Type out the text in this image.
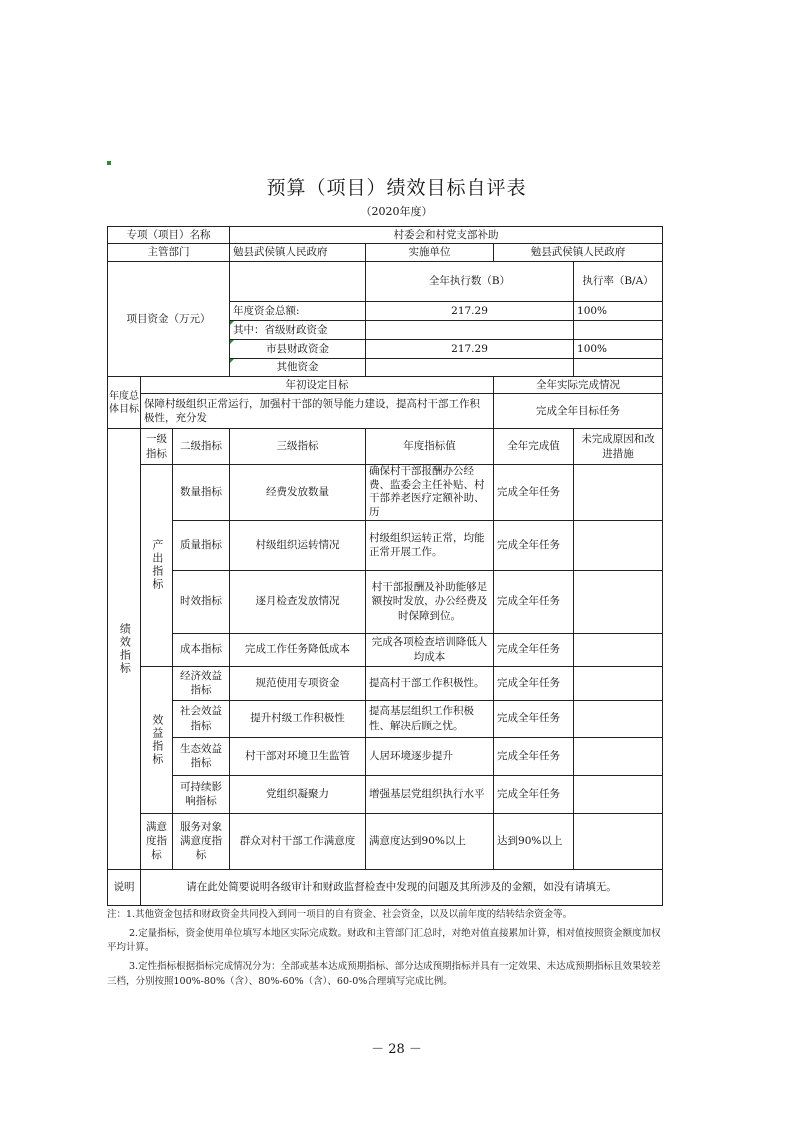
预算（项目）绩效目标自评表
（2020年度）
专项（项目）名称			村委会和村党支部补助			
主管部门			勉县武侯镇人民政府	实施单位	勉县武侯镇人民政府	
项目资金（万元）				全年执行数（B）		执行率（B/A）
			年度资金总额:	217.29		100%
			其中：省级财政资金			
			市县财政资金	217.29		100%
			其他资金			
年度总体目标	年初设定目标				全年实际完成情况	
	保障村级组织正常运行，加强村干部的领导能力建设，提高村干部工作积极性，充分发				完成全年目标任务	
绩效指标	一级指标	二级指标	三级指标	年度指标值	全年完成值	未完成原因和改进措施
	产出指标	数量指标	经费发放数量	确保村干部报酬办公经费、监委会主任补贴、村干部养老医疗定额补助、历	完成全年任务	
		质量指标	村级组织运转情况	村级组织运转正常，均能正常开展工作。	完成全年任务	
		时效指标	逐月检查发放情况	村干部报酬及补助能够足额按时发放，办公经费及时保障到位。	完成全年任务	
		成本指标	完成工作任务降低成本	完成各项检查培训降低人均成本	完成全年任务	
	效益指标	经济效益指标	规范使用专项资金	提高村干部工作积极性。	完成全年任务	
		社会效益指标	提升村级工作积极性	提高基层组织工作积极性、解决后顾之忧。	完成全年任务	
		生态效益指标	村干部对环境卫生监管	人居环境逐步提升	完成全年任务	
		可持续影响指标	党组织凝聚力	增强基层党组织执行水平	完成全年任务	
	满意度指标	服务对象满意度指标	群众对村干部工作满意度	满意度达到90%以上	达到90%以上	
说明	请在此处简要说明各级审计和财政监督检查中发现的问题及其所涉及的金额，如没有请填无。					

注：1.其他资金包括和财政资金共同投入到同一项目的自有资金、社会资金，以及以前年度的结转结余资金等。

2.定量指标，资金使用单位填写本地区实际完成数。财政和主管部门汇总时，对绝对值直接累加计算，相对值按照资金额度加权平均计算。

3.定性指标根据指标完成情况分为：全部或基本达成预期指标、部分达成预期指标并具有一定效果、未达成预期指标且效果较差三档，分别按照100%-80%（含）、80%-60%（含）、60-0%合理填写完成比例。

－ 28 －
